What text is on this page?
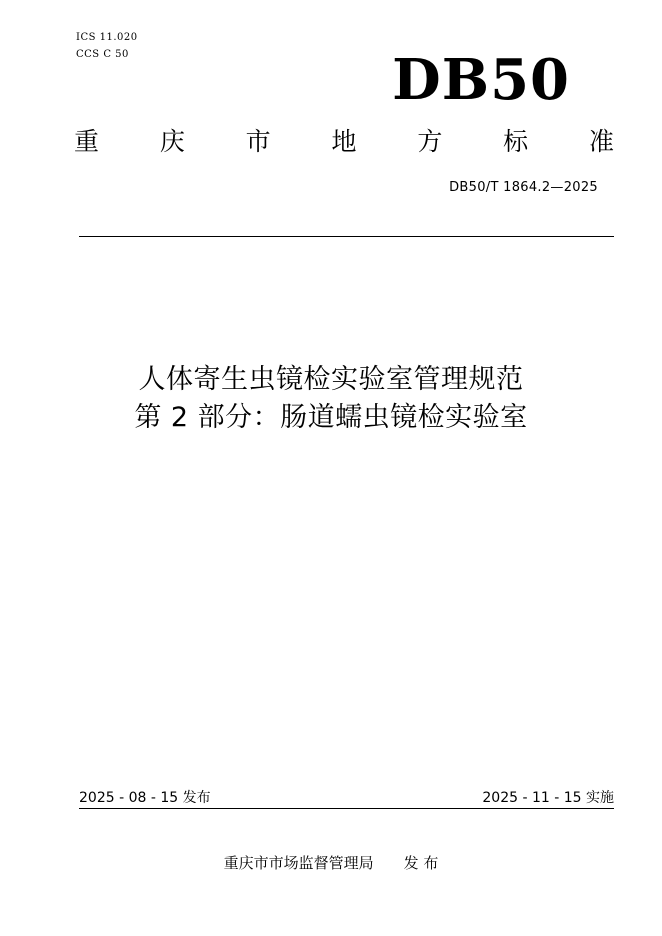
ICS 11.020
CCS C 50	DB50
重 庆 市 地 方 标 准
DB50/T 1864.2—2025
人体寄生虫镜检实验室管理规范
第 2 部分：肠道蠕虫镜检实验室
2025 - 08 - 15 发布	2025 - 11 - 15 实施
重庆市市场监督管理局 发 布
